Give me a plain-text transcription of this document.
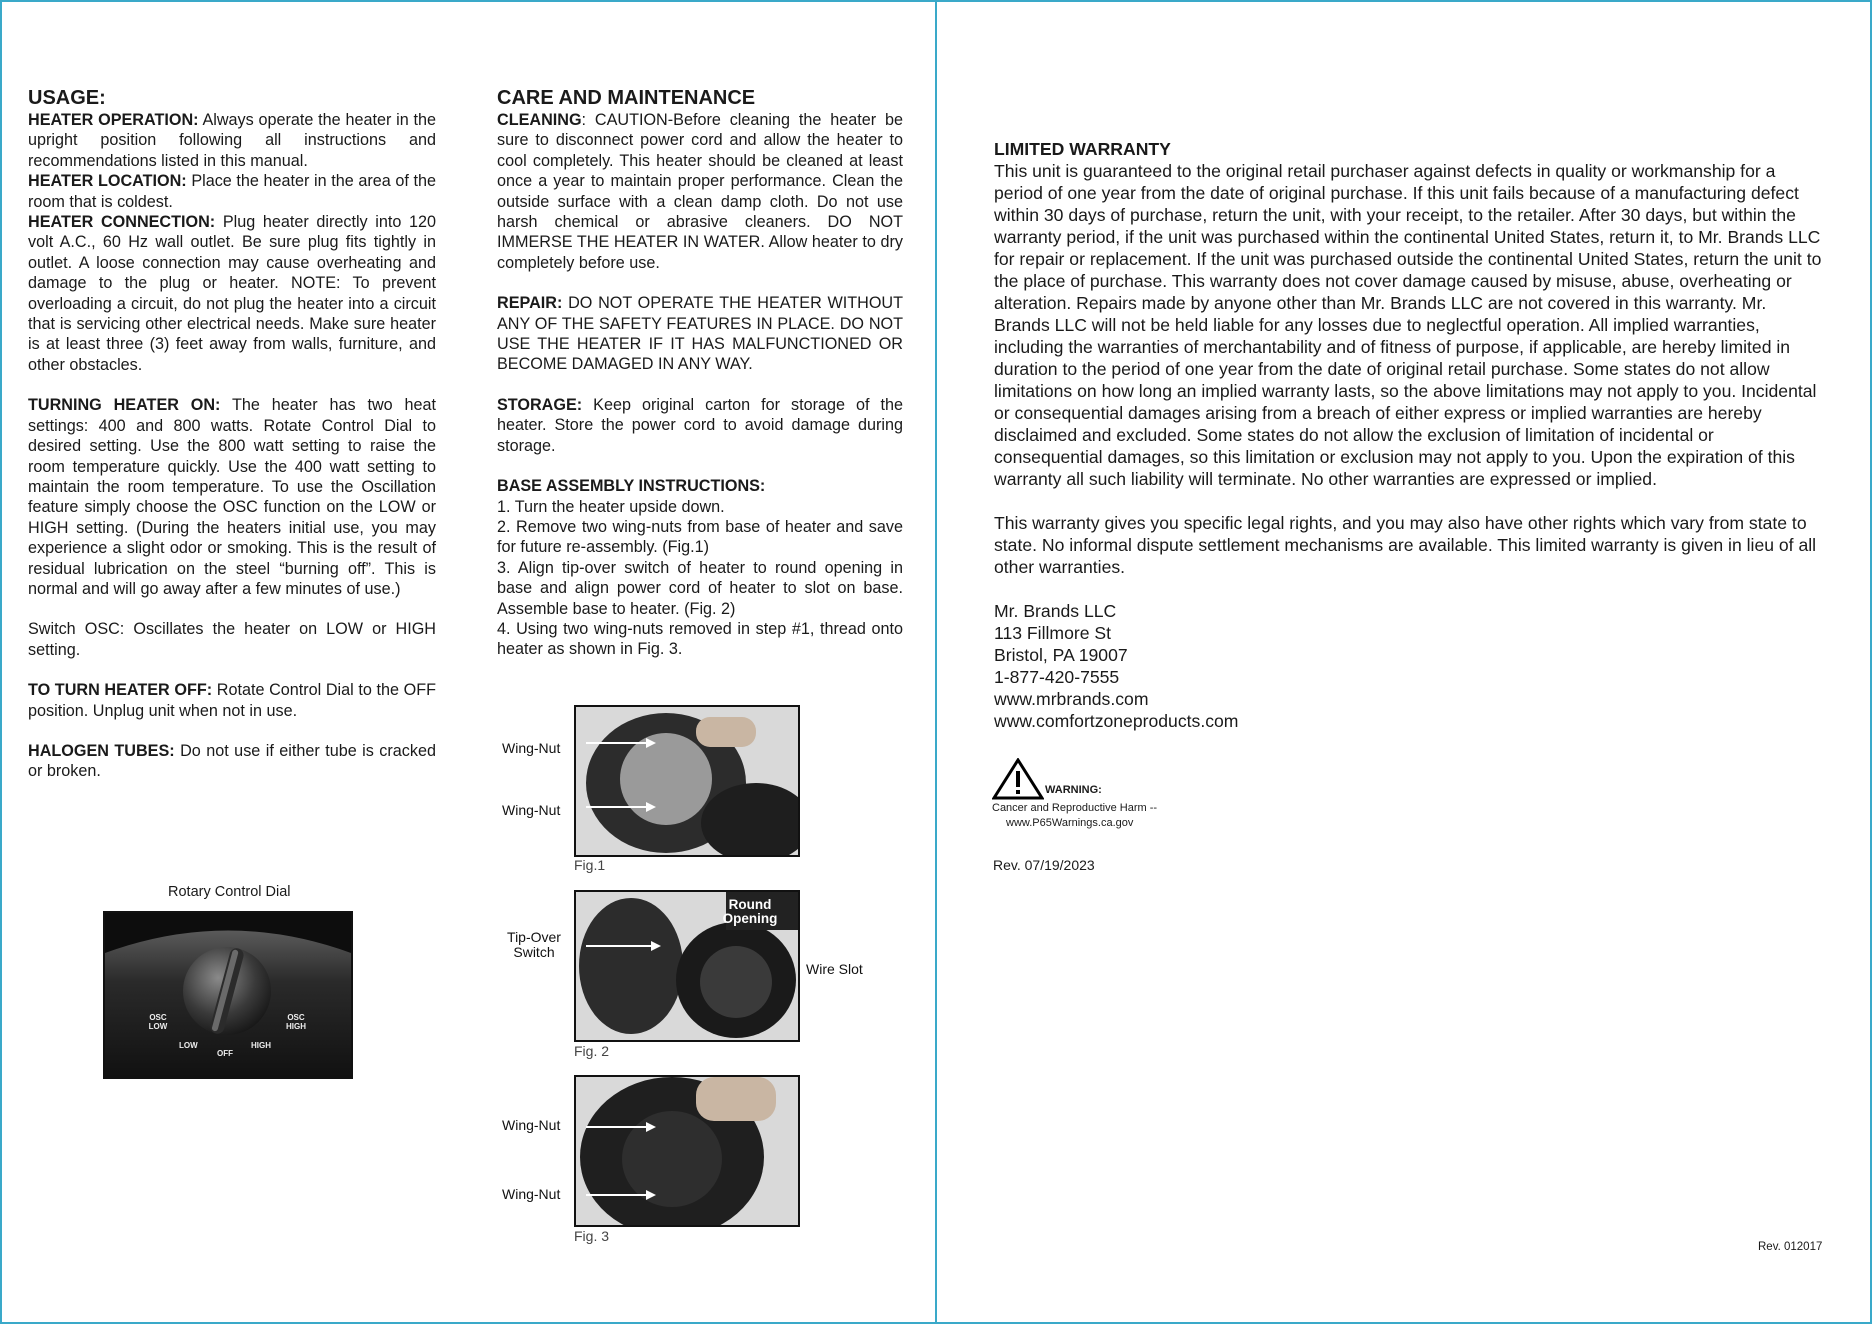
USAGE:

HEATER OPERATION: Always operate the heater in the upright position following all instructions and recommendations listed in this manual.

HEATER LOCATION: Place the heater in the area of the room that is coldest.

HEATER CONNECTION: Plug heater directly into 120 volt A.C., 60 Hz wall outlet. Be sure plug fits tightly in outlet. A loose connection may cause overheating and damage to the plug or heater. NOTE: To prevent overloading a circuit, do not plug the heater into a circuit that is servicing other electrical needs. Make sure heater is at least three (3) feet away from walls, furniture, and other obstacles.

TURNING HEATER ON: The heater has two heat settings: 400 and 800 watts. Rotate Control Dial to desired setting. Use the 800 watt setting to raise the room temperature quickly. Use the 400 watt setting to maintain the room temperature. To use the Oscillation feature simply choose the OSC function on the LOW or HIGH setting. (During the heaters initial use, you may experience a slight odor or smoking. This is the result of residual lubrication on the steel “burning off”. This is normal and will go away after a few minutes of use.)

Switch OSC: Oscillates the heater on LOW or HIGH setting.

TO TURN HEATER OFF: Rotate Control Dial to the OFF position. Unplug unit when not in use.

HALOGEN TUBES: Do not use if either tube is cracked or broken.

Rotary Control Dial
OSC LOW
LOW
OFF
HIGH
OSC HIGH
CARE AND MAINTENANCE

CLEANING: CAUTION-Before cleaning the heater be sure to disconnect power cord and allow the heater to cool completely. This heater should be cleaned at least once a year to maintain proper performance. Clean the outside surface with a clean damp cloth. Do not use harsh chemical or abrasive cleaners. DO NOT IMMERSE THE HEATER IN WATER. Allow heater to dry completely before use.

REPAIR: DO NOT OPERATE THE HEATER WITHOUT ANY OF THE SAFETY FEATURES IN PLACE. DO NOT USE THE HEATER IF IT HAS MALFUNCTIONED OR BECOME DAMAGED IN ANY WAY.

STORAGE: Keep original carton for storage of the heater. Store the power cord to avoid damage during storage.

BASE ASSEMBLY INSTRUCTIONS:

1. Turn the heater upside down.

2. Remove two wing-nuts from base of heater and save for future re-assembly. (Fig.1)

3. Align tip-over switch of heater to round opening in base and align power cord of heater to slot on base. Assemble base to heater. (Fig. 2)

4. Using two wing-nuts removed in step #1, thread onto heater as shown in Fig. 3.

Wing-Nut
Wing-Nut
Fig.1
Tip-Over Switch
Round Opening
Wire Slot
Fig. 2
Wing-Nut
Wing-Nut
Fig. 3

LIMITED WARRANTY

This unit is guaranteed to the original retail purchaser against defects in quality or workmanship for a period of one year from the date of original purchase. If this unit fails because of a manufacturing defect within 30 days of purchase, return the unit, with your receipt, to the retailer. After 30 days, but within the warranty period, if the unit was purchased within the continental United States, return it, to Mr. Brands LLC for repair or replacement. If the unit was purchased outside the continental United States, return the unit to the place of purchase. This warranty does not cover damage caused by misuse, abuse, overheating or alteration. Repairs made by anyone other than Mr. Brands LLC are not covered in this warranty. Mr. Brands LLC will not be held liable for any losses due to neglectful operation. All implied warranties, including the warranties of merchantability and of fitness of purpose, if applicable, are hereby limited in duration to the period of one year from the date of original retail purchase. Some states do not allow limitations on how long an implied warranty lasts, so the above limitations may not apply to you. Incidental or consequential damages arising from a breach of either express or implied warranties are hereby disclaimed and excluded. Some states do not allow the exclusion of limitation of incidental or consequential damages, so this limitation or exclusion may not apply to you. Upon the expiration of this warranty all such liability will terminate. No other warranties are expressed or implied.

This warranty gives you specific legal rights, and you may also have other rights which vary from state to state. No informal dispute settlement mechanisms are available. This limited warranty is given in lieu of all other warranties.

Mr. Brands LLC

113 Fillmore St

Bristol, PA 19007

1-877-420-7555

www.mrbrands.com

www.comfortzoneproducts.com

WARNING:
Cancer and Reproductive Harm --
www.P65Warnings.ca.gov
Rev. 07/19/2023
Rev. 012017
